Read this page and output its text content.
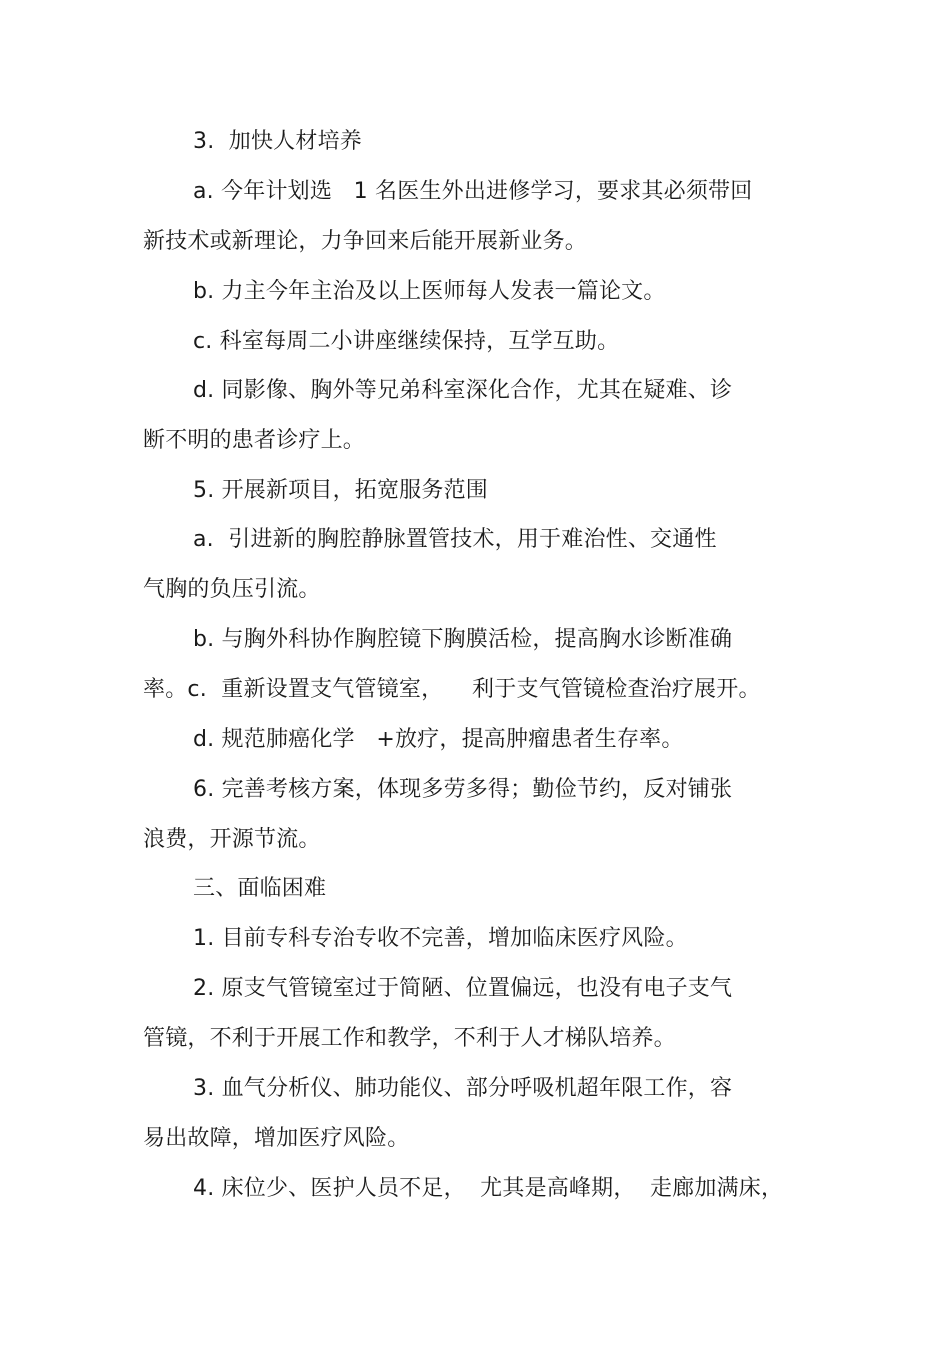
3.  加快人材培养
a. 今年计划选   1 名医生外出进修学习，要求其必须带回
新技术或新理论，力争回来后能开展新业务。
b. 力主今年主治及以上医师每人发表一篇论文。
c. 科室每周二小讲座继续保持，互学互助。
d. 同影像、胸外等兄弟科室深化合作，尤其在疑难、诊
断不明的患者诊疗上。
5. 开展新项目，拓宽服务范围
a.  引进新的胸腔静脉置管技术，用于难治性、交通性
气胸的负压引流。
b. 与胸外科协作胸腔镜下胸膜活检，提高胸水诊断准确
率。c.  重新设置支气管镜室，    利于支气管镜检查治疗展开。
d. 规范肺癌化学   +放疗，提高肿瘤患者生存率。
6. 完善考核方案，体现多劳多得；勤俭节约，反对铺张
浪费，开源节流。
三、面临困难
1. 目前专科专治专收不完善，增加临床医疗风险。
2. 原支气管镜室过于简陋、位置偏远，也没有电子支气
管镜，不利于开展工作和教学，不利于人才梯队培养。
3. 血气分析仪、肺功能仪、部分呼吸机超年限工作，容
易出故障，增加医疗风险。
4. 床位少、医护人员不足，  尤其是高峰期，  走廊加满床，
